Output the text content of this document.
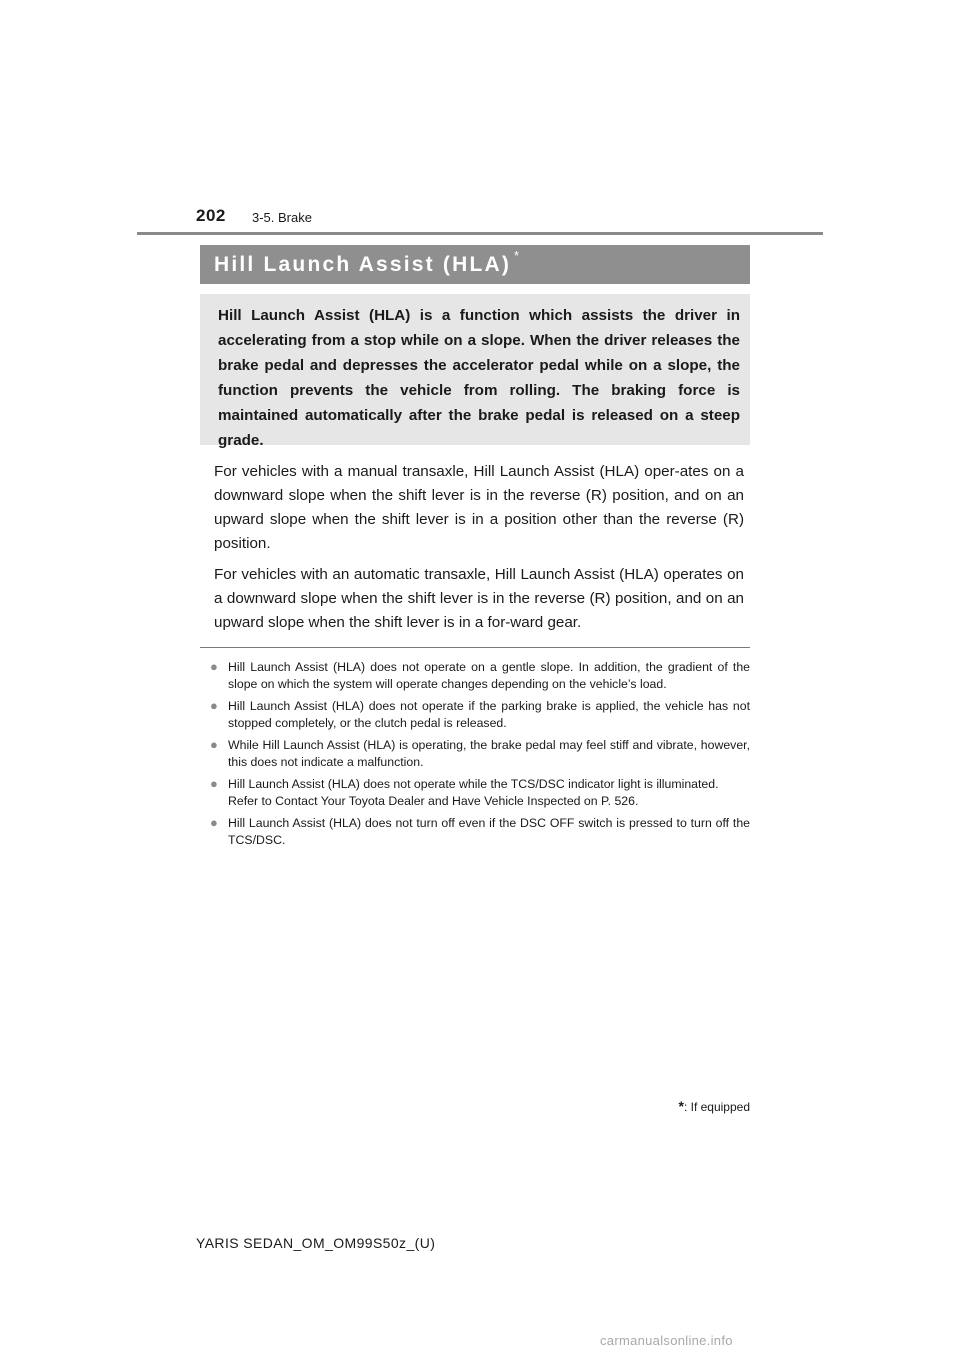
202 3-5. Brake
Hill Launch Assist (HLA) *

Hill Launch Assist (HLA) is a function which assists the driver in accelerating from a stop while on a slope. When the driver releases the brake pedal and depresses the accelerator pedal while on a slope, the function prevents the vehicle from rolling. The braking force is maintained automatically after the brake pedal is released on a steep grade.

For vehicles with a manual transaxle, Hill Launch Assist (HLA) oper-ates on a downward slope when the shift lever is in the reverse (R) position, and on an upward slope when the shift lever is in a position other than the reverse (R) position.

For vehicles with an automatic transaxle, Hill Launch Assist (HLA) operates on a downward slope when the shift lever is in the reverse (R) position, and on an upward slope when the shift lever is in a for-ward gear.

● Hill Launch Assist (HLA) does not operate on a gentle slope. In addition, the gradient of the slope on which the system will operate changes depending on the vehicle’s load.
● Hill Launch Assist (HLA) does not operate if the parking brake is applied, the vehicle has not stopped completely, or the clutch pedal is released.
● While Hill Launch Assist (HLA) is operating, the brake pedal may feel stiff and vibrate, however, this does not indicate a malfunction.
● Hill Launch Assist (HLA) does not operate while the TCS/DSC indicator light is illuminated.
Refer to Contact Your Toyota Dealer and Have Vehicle Inspected on P. 526.
● Hill Launch Assist (HLA) does not turn off even if the DSC OFF switch is pressed to turn off the TCS/DSC.
*: If equipped
YARIS SEDAN_OM_OM99S50z_(U)
carmanualsonline.info
